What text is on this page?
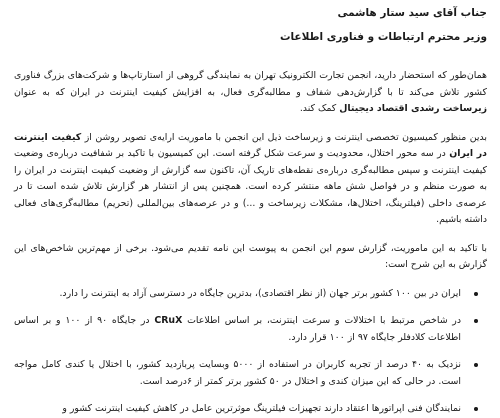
جناب آقای سید ستار هاشمی
وزیر محترم ارتباطات و فناوری اطلاعات

همان‌طور که استحضار دارید، انجمن تجارت الکترونیک تهران به نمایندگی گروهی از استارتاپ‌ها و شرکت‌های بزرگ فناوری کشور تلاش می‌کند تا با گزارش‌دهی شفاف و مطالبه‌گری فعال، به افزایش کیفیت اینترنت در ایران که به عنوان زیرساخت رشدی اقتصاد دیجیتال کمک کند.

بدین منظور کمیسیون تخصصی اینترنت و زیرساخت ذیل این انجمن با ماموریت ارایه‌ی تصویر روشن از کیفیت اینترنت در ایران در سه محور اختلال، محدودیت و سرعت شکل گرفته است. این کمیسیون با تاکید بر شفافیت درباره‌ی وضعیت کیفیت اینترنت و سپس مطالبه‌گری درباره‌ی نقطه‌های تاریک آن، تاکنون سه گزارش از وضعیت کیفیت اینترنت در ایران را به صورت منظم و در فواصل شش ماهه منتشر کرده است. همچنین پس از انتشار هر گزارش تلاش شده است تا در عرصه‌ی داخلی (فیلترینگ، اختلال‌ها، مشکلات زیرساخت و ...) و در عرصه‌های بین‌المللی (تحریم) مطالبه‌گری‌های فعالی داشته باشیم.

با تاکید به این ماموریت، گزارش سوم این انجمن به پیوست این نامه تقدیم می‌شود. برخی از مهم‌ترین شاخص‌های این گزارش به این شرح است:

ایران در بین ۱۰۰ کشور برتر جهان (از نظر اقتصادی)، بدترین جایگاه در دسترسی آزاد به اینترنت را دارد.
در شاخص مرتبط با اختلالات و سرعت اینترنت، بر اساس اطلاعات CRuX در جایگاه ۹۰ از ۱۰۰ و بر اساس اطلاعات کلادفلر جایگاه ۹۷ از ۱۰۰ قرار دارد.
نزدیک به ۴۰ درصد از تجربه کاربران در استفاده از ۵۰۰۰ وبسایت پربازدید کشور، با اختلال یا کندی کامل مواجه است. در حالی که این میزان کندی و اختلال در ۵۰ کشور برتر کمتر از ۶درصد است.
نمایندگان فنی اپراتورها اعتقاد دارند تجهیزات فیلترینگ موثرترین عامل در کاهش کیفیت اینترنت کشور و
